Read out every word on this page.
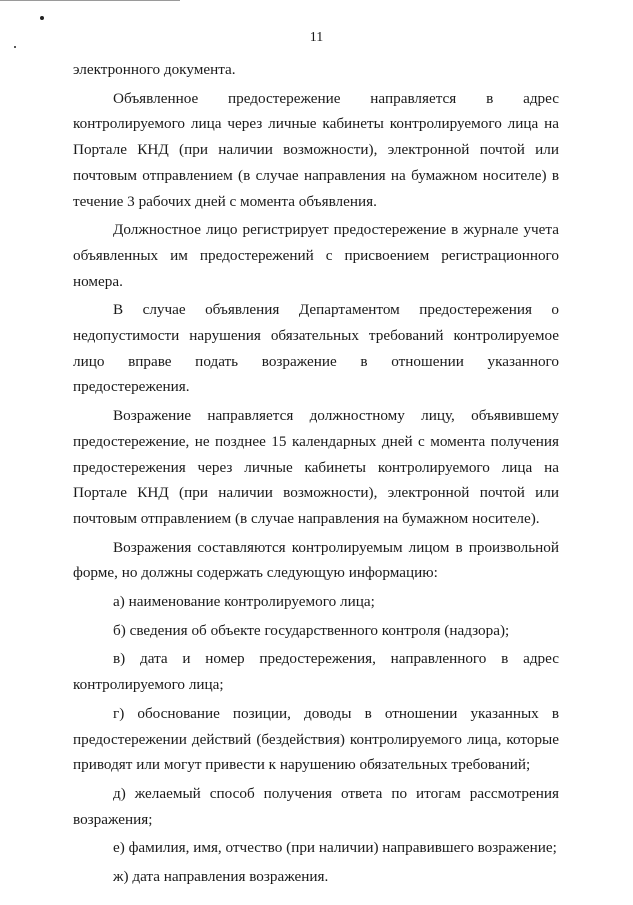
11

электронного документа.

Объявленное предостережение направляется в адрес контролируемого лица через личные кабинеты контролируемого лица на Портале КНД (при наличии возможности), электронной почтой или почтовым отправлением (в случае направления на бумажном носителе) в течение 3 рабочих дней с момента объявления.

Должностное лицо регистрирует предостережение в журнале учета объявленных им предостережений с присвоением регистрационного номера.

В случае объявления Департаментом предостережения о недопустимости нарушения обязательных требований контролируемое лицо вправе подать возражение в отношении указанного предостережения.

Возражение направляется должностному лицу, объявившему предостережение, не позднее 15 календарных дней с момента получения предостережения через личные кабинеты контролируемого лица на Портале КНД (при наличии возможности), электронной почтой или почтовым отправлением (в случае направления на бумажном носителе).

Возражения составляются контролируемым лицом в произвольной форме, но должны содержать следующую информацию:

а) наименование контролируемого лица;

б) сведения об объекте государственного контроля (надзора);

в) дата и номер предостережения, направленного в адрес контролируемого лица;

г) обоснование позиции, доводы в отношении указанных в предостережении действий (бездействия) контролируемого лица, которые приводят или могут привести к нарушению обязательных требований;

д) желаемый способ получения ответа по итогам рассмотрения возражения;

е) фамилия, имя, отчество (при наличии) направившего возражение;

ж) дата направления возражения.
